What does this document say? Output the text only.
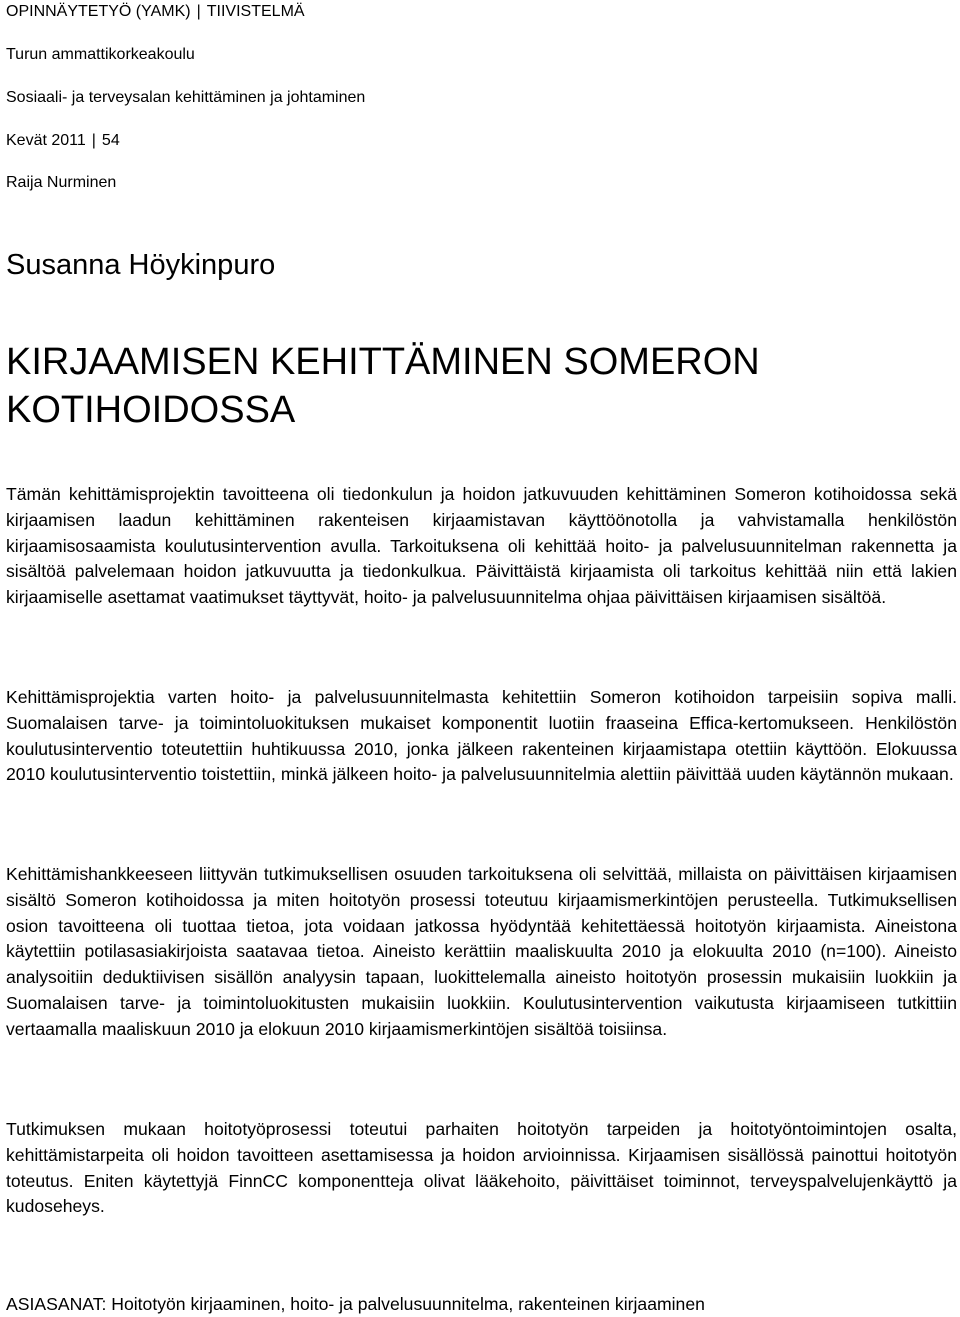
OPINNÄYTETYÖ (YAMK) | TIIVISTELMÄ
Turun ammattikorkeakoulu
Sosiaali- ja terveysalan kehittäminen ja johtaminen
Kevät 2011 | 54
Raija Nurminen
Susanna Höykinpuro
KIRJAAMISEN KEHITTÄMINEN SOMERON KOTIHOIDOSSA

Tämän kehittämisprojektin tavoitteena oli tiedonkulun ja hoidon jatkuvuuden kehittäminen Someron kotihoidossa sekä kirjaamisen laadun kehittäminen rakenteisen kirjaamistavan käyttöönotolla ja vahvistamalla henkilöstön kirjaamisosaamista koulutusintervention avulla. Tarkoituksena oli kehittää hoito- ja palvelusuunnitelman rakennetta ja sisältöä palvelemaan hoidon jatkuvuutta ja tiedonkulkua. Päivittäistä kirjaamista oli tarkoitus kehittää niin että lakien kirjaamiselle asettamat vaatimukset täyttyvät, hoito- ja palvelusuunnitelma ohjaa päivittäisen kirjaamisen sisältöä.

Kehittämisprojektia varten hoito- ja palvelusuunnitelmasta kehitettiin Someron kotihoidon tarpeisiin sopiva malli. Suomalaisen tarve- ja toimintoluokituksen mukaiset komponentit luotiin fraaseina Effica-kertomukseen. Henkilöstön koulutusinterventio toteutettiin huhtikuussa 2010, jonka jälkeen rakenteinen kirjaamistapa otettiin käyttöön. Elokuussa 2010 koulutusinterventio toistettiin, minkä jälkeen hoito- ja palvelusuunnitelmia alettiin päivittää uuden käytännön mukaan.

Kehittämishankkeeseen liittyvän tutkimuksellisen osuuden tarkoituksena oli selvittää, millaista on päivittäisen kirjaamisen sisältö Someron kotihoidossa ja miten hoitotyön prosessi toteutuu kirjaamismerkintöjen perusteella. Tutkimuksellisen osion tavoitteena oli tuottaa tietoa, jota voidaan jatkossa hyödyntää kehitettäessä hoitotyön kirjaamista. Aineistona käytettiin potilasasiakirjoista saatavaa tietoa. Aineisto kerättiin maaliskuulta 2010 ja elokuulta 2010 (n=100). Aineisto analysoitiin deduktiivisen sisällön analyysin tapaan, luokittelemalla aineisto hoitotyön prosessin mukaisiin luokkiin ja Suomalaisen tarve- ja toimintoluokitusten mukaisiin luokkiin. Koulutusintervention vaikutusta kirjaamiseen tutkittiin vertaamalla maaliskuun 2010 ja elokuun 2010 kirjaamismerkintöjen sisältöä toisiinsa.

Tutkimuksen mukaan hoitotyöprosessi toteutui parhaiten hoitotyön tarpeiden ja hoitotyöntoimintojen osalta, kehittämistarpeita oli hoidon tavoitteen asettamisessa ja hoidon arvioinnissa. Kirjaamisen sisällössä painottui hoitotyön toteutus. Eniten käytettyjä FinnCC komponentteja olivat lääkehoito, päivittäiset toiminnot, terveyspalvelujenkäyttö ja kudoseheys.

ASIASANAT: Hoitotyön kirjaaminen, hoito- ja palvelusuunnitelma, rakenteinen kirjaaminen
